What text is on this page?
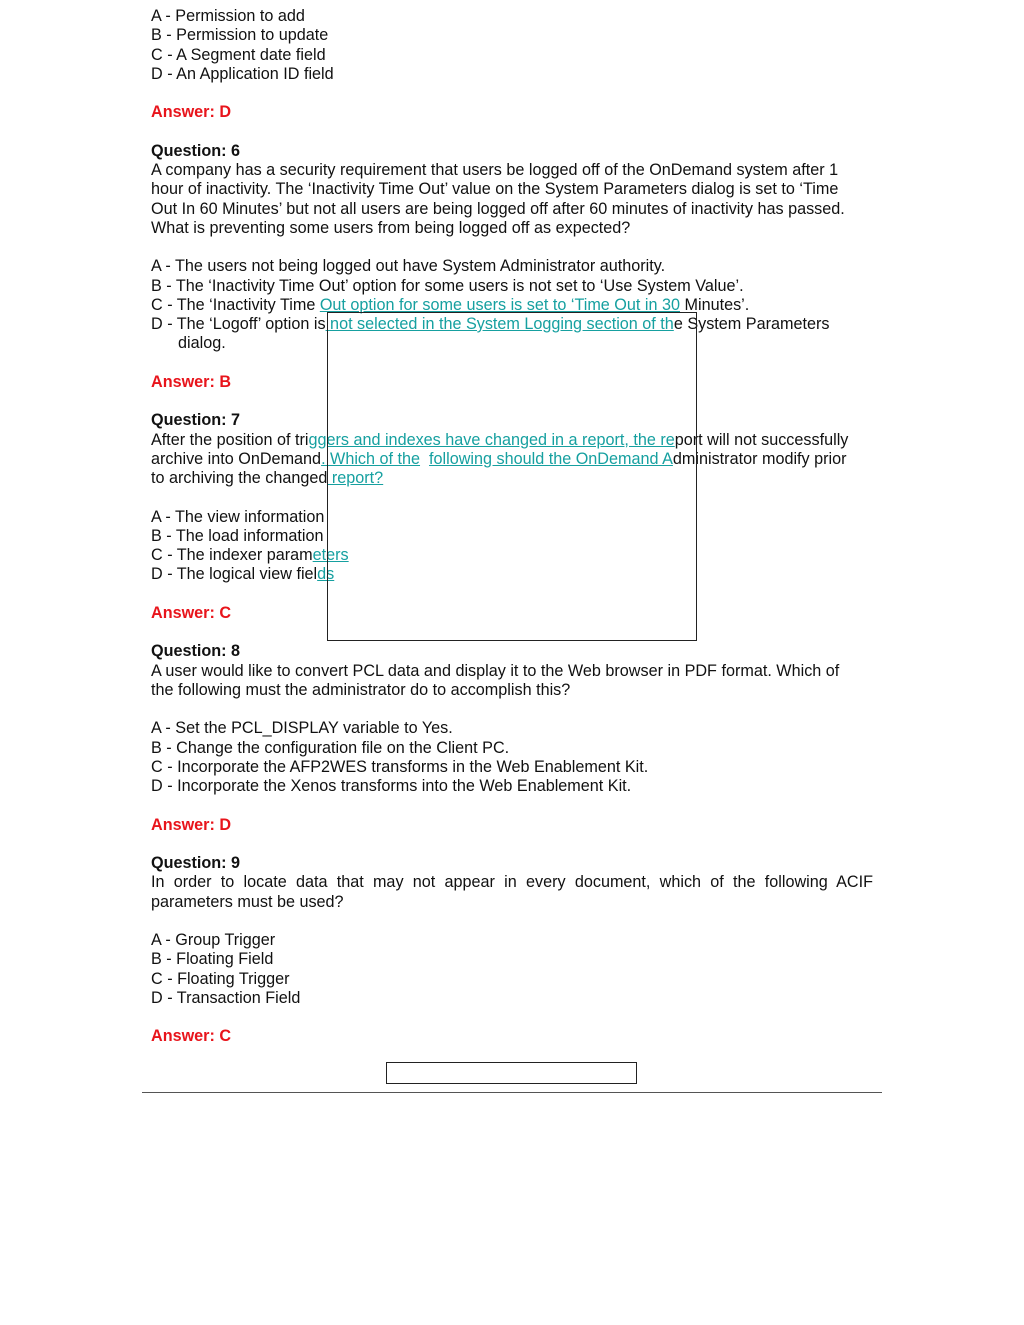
A - Permission to add
B - Permission to update
C - A Segment date field
D - An Application ID field
Answer: D
Question: 6
A company has a security requirement that users be logged off of the OnDemand system after 1
hour of inactivity. The ‘Inactivity Time Out’ value on the System Parameters dialog is set to ‘Time
Out In 60 Minutes’ but not all users are being logged off after 60 minutes of inactivity has passed.
What is preventing some users from being logged off as expected?
A - The users not being logged out have System Administrator authority.
B - The ‘Inactivity Time Out’ option for some users is not set to ‘Use System Value’.
C - The ‘Inactivity Time Out option for some users is set to ‘Time Out in 30 Minutes’.
D - The ‘Logoff’ option is not selected in the System Logging section of the System Parameters
dialog.
Answer: B
Question: 7
After the position of triggers and indexes have changed in a report, the report will not successfully
archive into OnDemand. Which of the following should the OnDemand Administrator modify prior
to archiving the changed report?
A - The view information
B - The load information
C - The indexer parameters
D - The logical view fields
Answer: C
Question: 8
A user would like to convert PCL data and display it to the Web browser in PDF format. Which of
the following must the administrator do to accomplish this?
A - Set the PCL_DISPLAY variable to Yes.
B - Change the configuration file on the Client PC.
C - Incorporate the AFP2WES transforms in the Web Enablement Kit.
D - Incorporate the Xenos transforms into the Web Enablement Kit.
Answer: D
Question: 9
In order to locate data that may not appear in every document, which of the following ACIF
parameters must be used?
A - Group Trigger
B - Floating Field
C - Floating Trigger
D - Transaction Field
Answer: C
